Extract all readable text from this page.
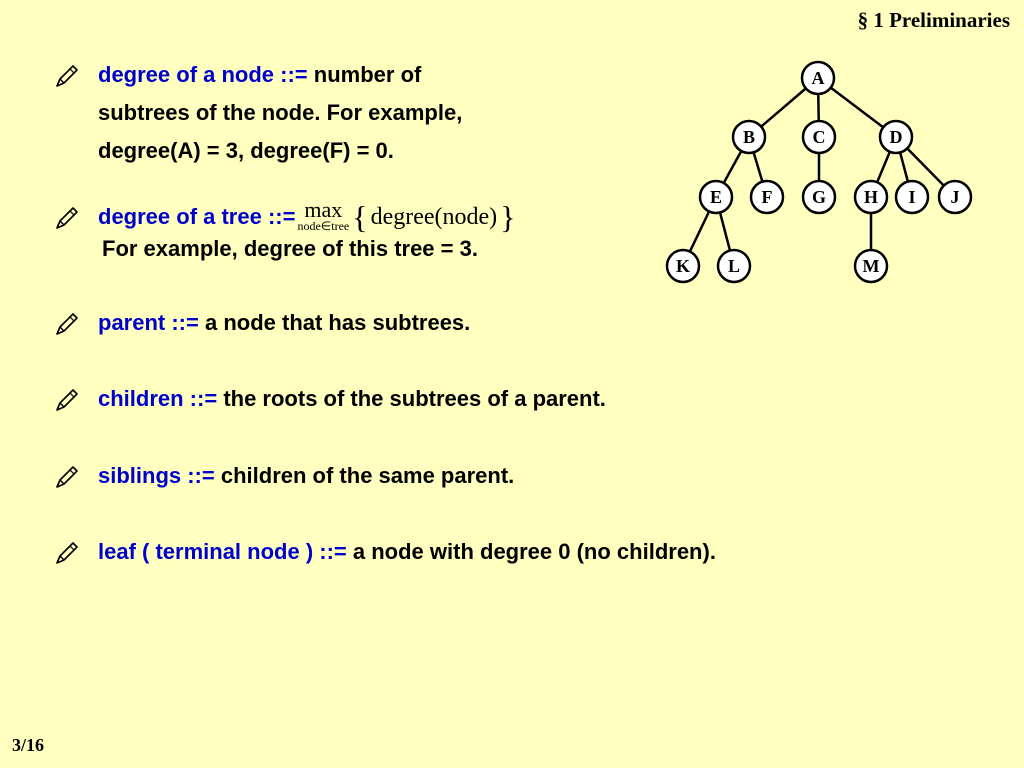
§ 1 Preliminaries
degree of a node ::= number of
subtrees of the node. For example,
degree(A) = 3, degree(F) = 0.
degree of a tree ::= max
node∈tree { degree(node)}
For example, degree of this tree = 3.
parent ::= a node that has subtrees.
children ::= the roots of the subtrees of a parent.
siblings ::= children of the same parent.
leaf ( terminal node ) ::= a node with degree 0 (no children).
A
B	C	D
E F G H I J
K L	M
3/16
